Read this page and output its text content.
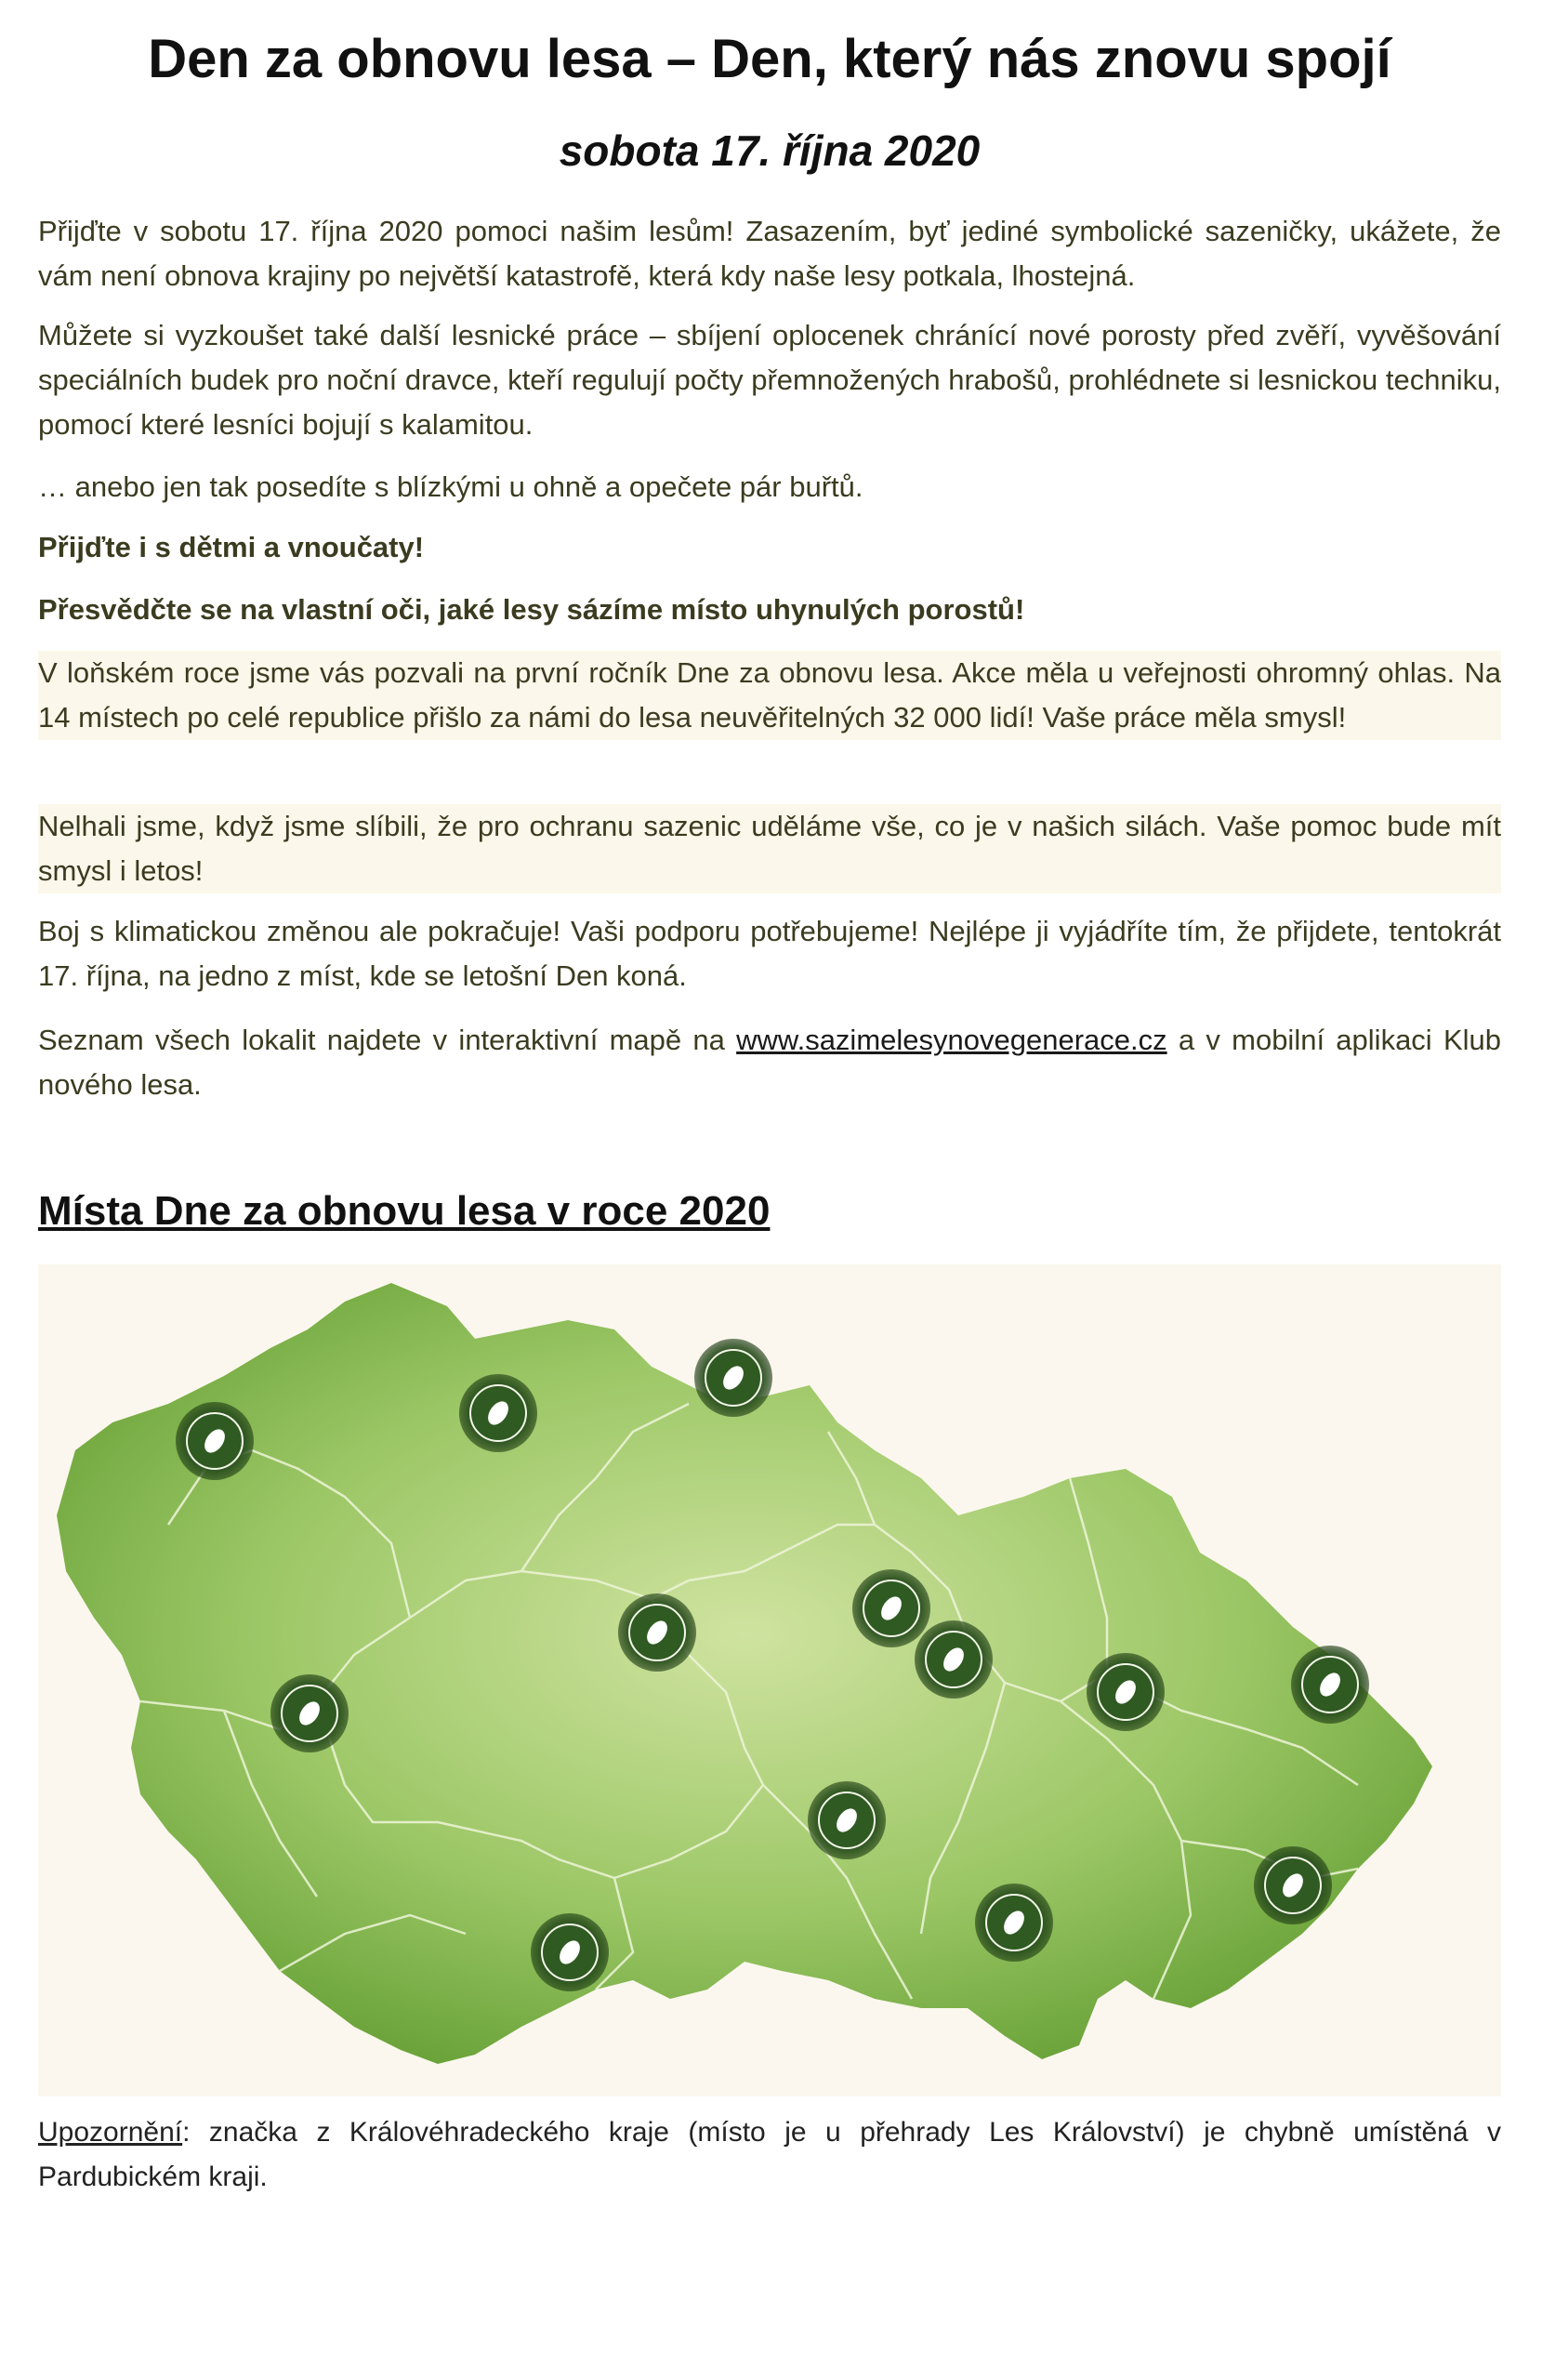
Den za obnovu lesa – Den, který nás znovu spojí
sobota 17. října 2020

Přijďte v sobotu 17. října 2020 pomoci našim lesům! Zasazením, byť jediné symbolické sazeničky, ukážete, že vám není obnova krajiny po největší katastrofě, která kdy naše lesy potkala, lhostejná.

Můžete si vyzkoušet také další lesnické práce – sbíjení oplocenek chránící nové porosty před zvěří, vyvěšování speciálních budek pro noční dravce, kteří regulují počty přemnožených hrabošů, prohlédnete si lesnickou techniku, pomocí které lesníci bojují s kalamitou.

… anebo jen tak posedíte s blízkými u ohně a opečete pár buřtů.

Přijďte i s dětmi a vnoučaty!

Přesvědčte se na vlastní oči, jaké lesy sázíme místo uhynulých porostů!

V loňském roce jsme vás pozvali na první ročník Dne za obnovu lesa. Akce měla u veřejnosti ohromný ohlas. Na 14 místech po celé republice přišlo za námi do lesa neuvěřitelných 32 000 lidí! Vaše práce měla smysl!

Nelhali jsme, když jsme slíbili, že pro ochranu sazenic uděláme vše, co je v našich silách. Vaše pomoc bude mít smysl i letos!

Boj s klimatickou změnou ale pokračuje! Vaši podporu potřebujeme! Nejlépe ji vyjádříte tím, že přijdete, tentokrát 17. října, na jedno z míst, kde se letošní Den koná.

Seznam všech lokalit najdete v interaktivní mapě na www.sazimelesynovegenerace.cz a v mobilní aplikaci Klub nového lesa.

Místa Dne za obnovu lesa v roce 2020

Upozornění: značka z Královéhradeckého kraje (místo je u přehrady Les Království) je chybně umístěná v Pardubickém kraji.
